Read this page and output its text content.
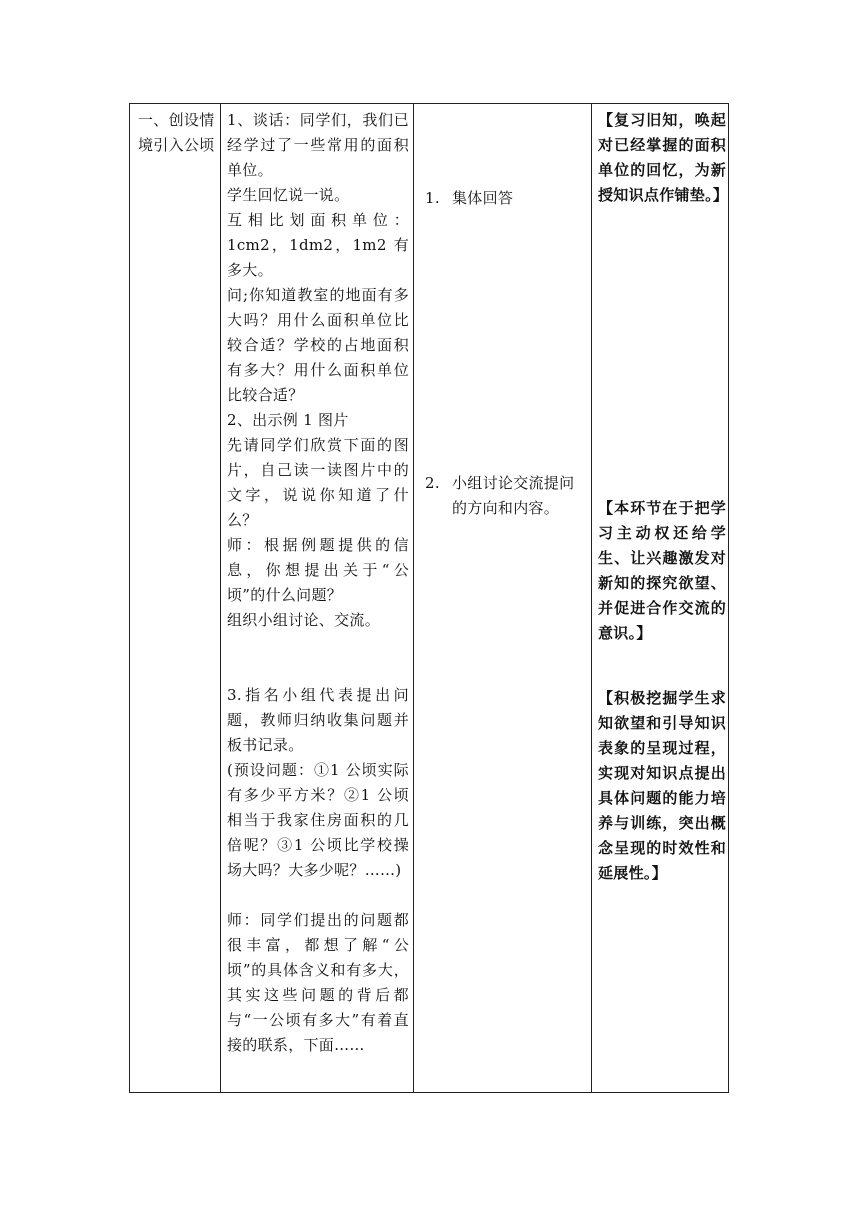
一、创设情境引入公顷

1、谈话：同学们，我们已经学过了一些常用的面积单位。

学生回忆说一说。

互相比划面积单位：1cm2，1dm2，1m2 有多大。

问;你知道教室的地面有多大吗？用什么面积单位比较合适？学校的占地面积有多大？用什么面积单位比较合适？

2、出示例 1 图片

先请同学们欣赏下面的图片，自己读一读图片中的文字，说说你知道了什么？

师：根据例题提供的信息，你想提出关于“公顷”的什么问题？

组织小组讨论、交流。

3.指名小组代表提出问题，教师归纳收集问题并板书记录。

(预设问题：①1 公顷实际有多少平方米？②1 公顷相当于我家住房面积的几倍呢？③1 公顷比学校操场大吗？大多少呢？……)

师：同学们提出的问题都很丰富，都想了解“公顷”的具体含义和有多大，其实这些问题的背后都与“一公顷有多大”有着直接的联系，下面……

1. 集体回答
2. 小组讨论交流提问的方向和内容。

【复习旧知，唤起对已经掌握的面积单位的回忆，为新授知识点作铺垫。】

【本环节在于把学习主动权还给学生、让兴趣激发对新知的探究欲望、并促进合作交流的意识。】

【积极挖掘学生求知欲望和引导知识表象的呈现过程，实现对知识点提出具体问题的能力培养与训练，突出概念呈现的时效性和延展性。】
